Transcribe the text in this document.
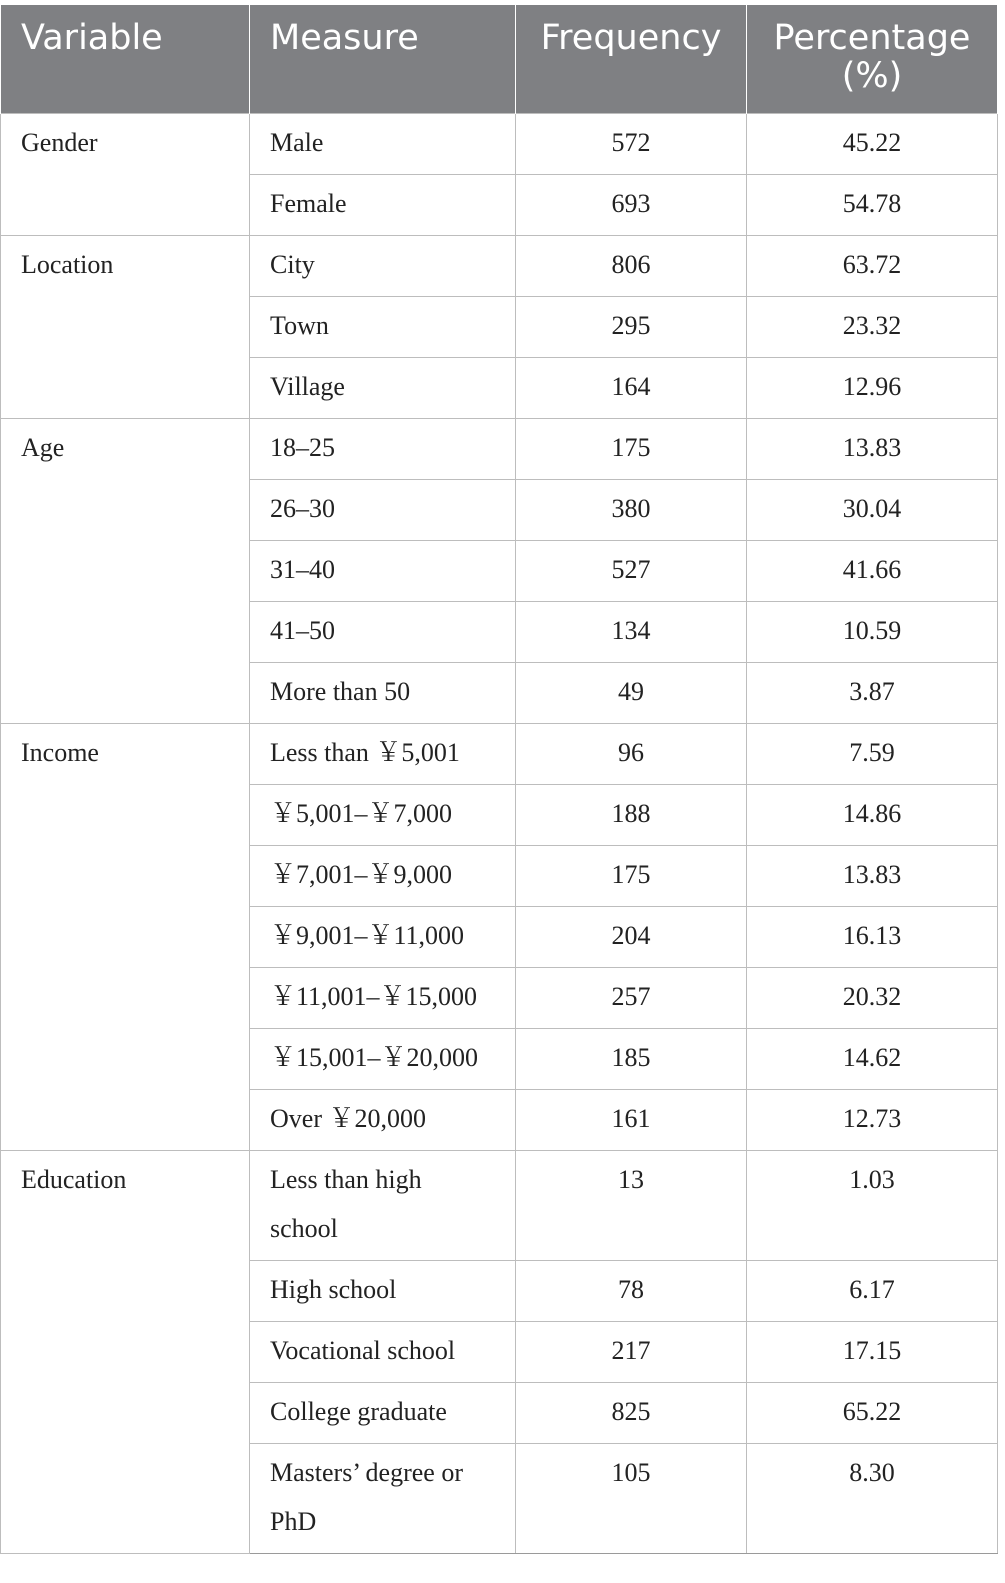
Variable	Measure	Frequency	Percentage (%)
Gender	Male	572	45.22
	Female	693	54.78
Location	City	806	63.72
	Town	295	23.32
	Village	164	12.96
Age	18–25	175	13.83
	26–30	380	30.04
	31–40	527	41.66
	41–50	134	10.59
	More than 50	49	3.87
Income	Less than ￥5,001	96	7.59
	￥5,001–￥7,000	188	14.86
	￥7,001–￥9,000	175	13.83
	￥9,001–￥11,000	204	16.13
	￥11,001–￥15,000	257	20.32
	￥15,001–￥20,000	185	14.62
	Over ￥20,000	161	12.73
Education	Less than high school	13	1.03
	High school	78	6.17
	Vocational school	217	17.15
	College graduate	825	65.22
	Masters’ degree or PhD	105	8.30
